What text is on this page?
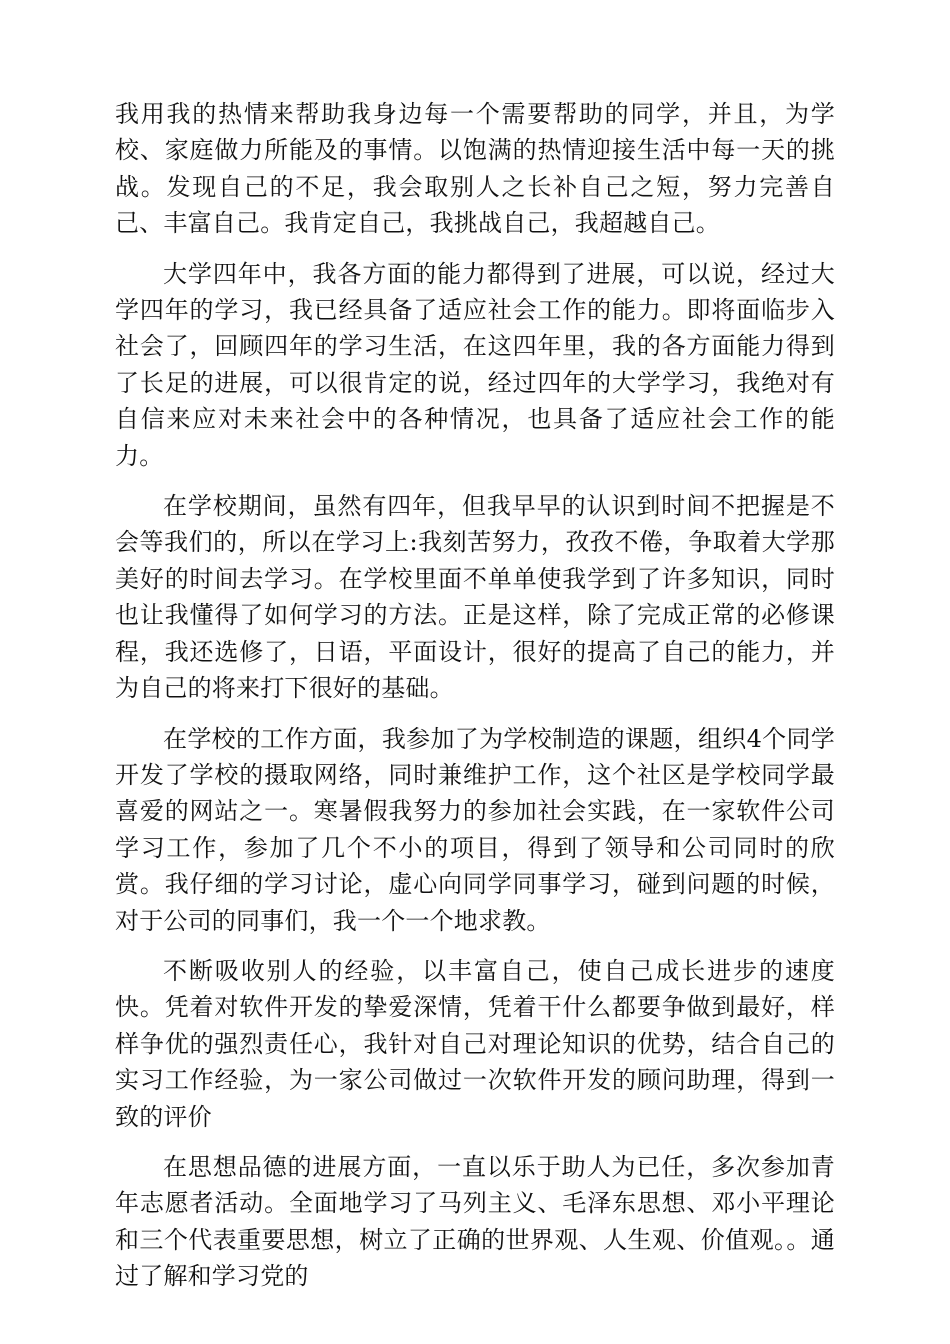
我用我的热情来帮助我身边每一个需要帮助的同学，并且，为学校、家庭做力所能及的事情。以饱满的热情迎接生活中每一天的挑战。发现自己的不足，我会取别人之长补自己之短，努力完善自己、丰富自己。我肯定自己，我挑战自己，我超越自己。

大学四年中，我各方面的能力都得到了进展，可以说，经过大学四年的学习，我已经具备了适应社会工作的能力。即将面临步入社会了，回顾四年的学习生活，在这四年里，我的各方面能力得到了长足的进展，可以很肯定的说，经过四年的大学学习，我绝对有自信来应对未来社会中的各种情况，也具备了适应社会工作的能力。

在学校期间，虽然有四年，但我早早的认识到时间不把握是不会等我们的，所以在学习上:我刻苦努力，孜孜不倦，争取着大学那美好的时间去学习。在学校里面不单单使我学到了许多知识，同时也让我懂得了如何学习的方法。正是这样，除了完成正常的必修课程，我还选修了，日语，平面设计，很好的提高了自己的能力，并为自己的将来打下很好的基础。

在学校的工作方面，我参加了为学校制造的课题，组织4个同学开发了学校的摄取网络，同时兼维护工作，这个社区是学校同学最喜爱的网站之一。寒暑假我努力的参加社会实践，在一家软件公司学习工作，参加了几个不小的项目，得到了领导和公司同时的欣赏。我仔细的学习讨论，虚心向同学同事学习，碰到问题的时候，对于公司的同事们，我一个一个地求教。

不断吸收别人的经验，以丰富自己，使自己成长进步的速度快。凭着对软件开发的挚爱深情，凭着干什么都要争做到最好，样样争优的强烈责任心，我针对自己对理论知识的优势，结合自己的实习工作经验，为一家公司做过一次软件开发的顾问助理，得到一致的评价

在思想品德的进展方面，一直以乐于助人为已任，多次参加青年志愿者活动。全面地学习了马列主义、毛泽东思想、邓小平理论和三个代表重要思想，树立了正确的世界观、人生观、价值观。。通过了解和学习党的
